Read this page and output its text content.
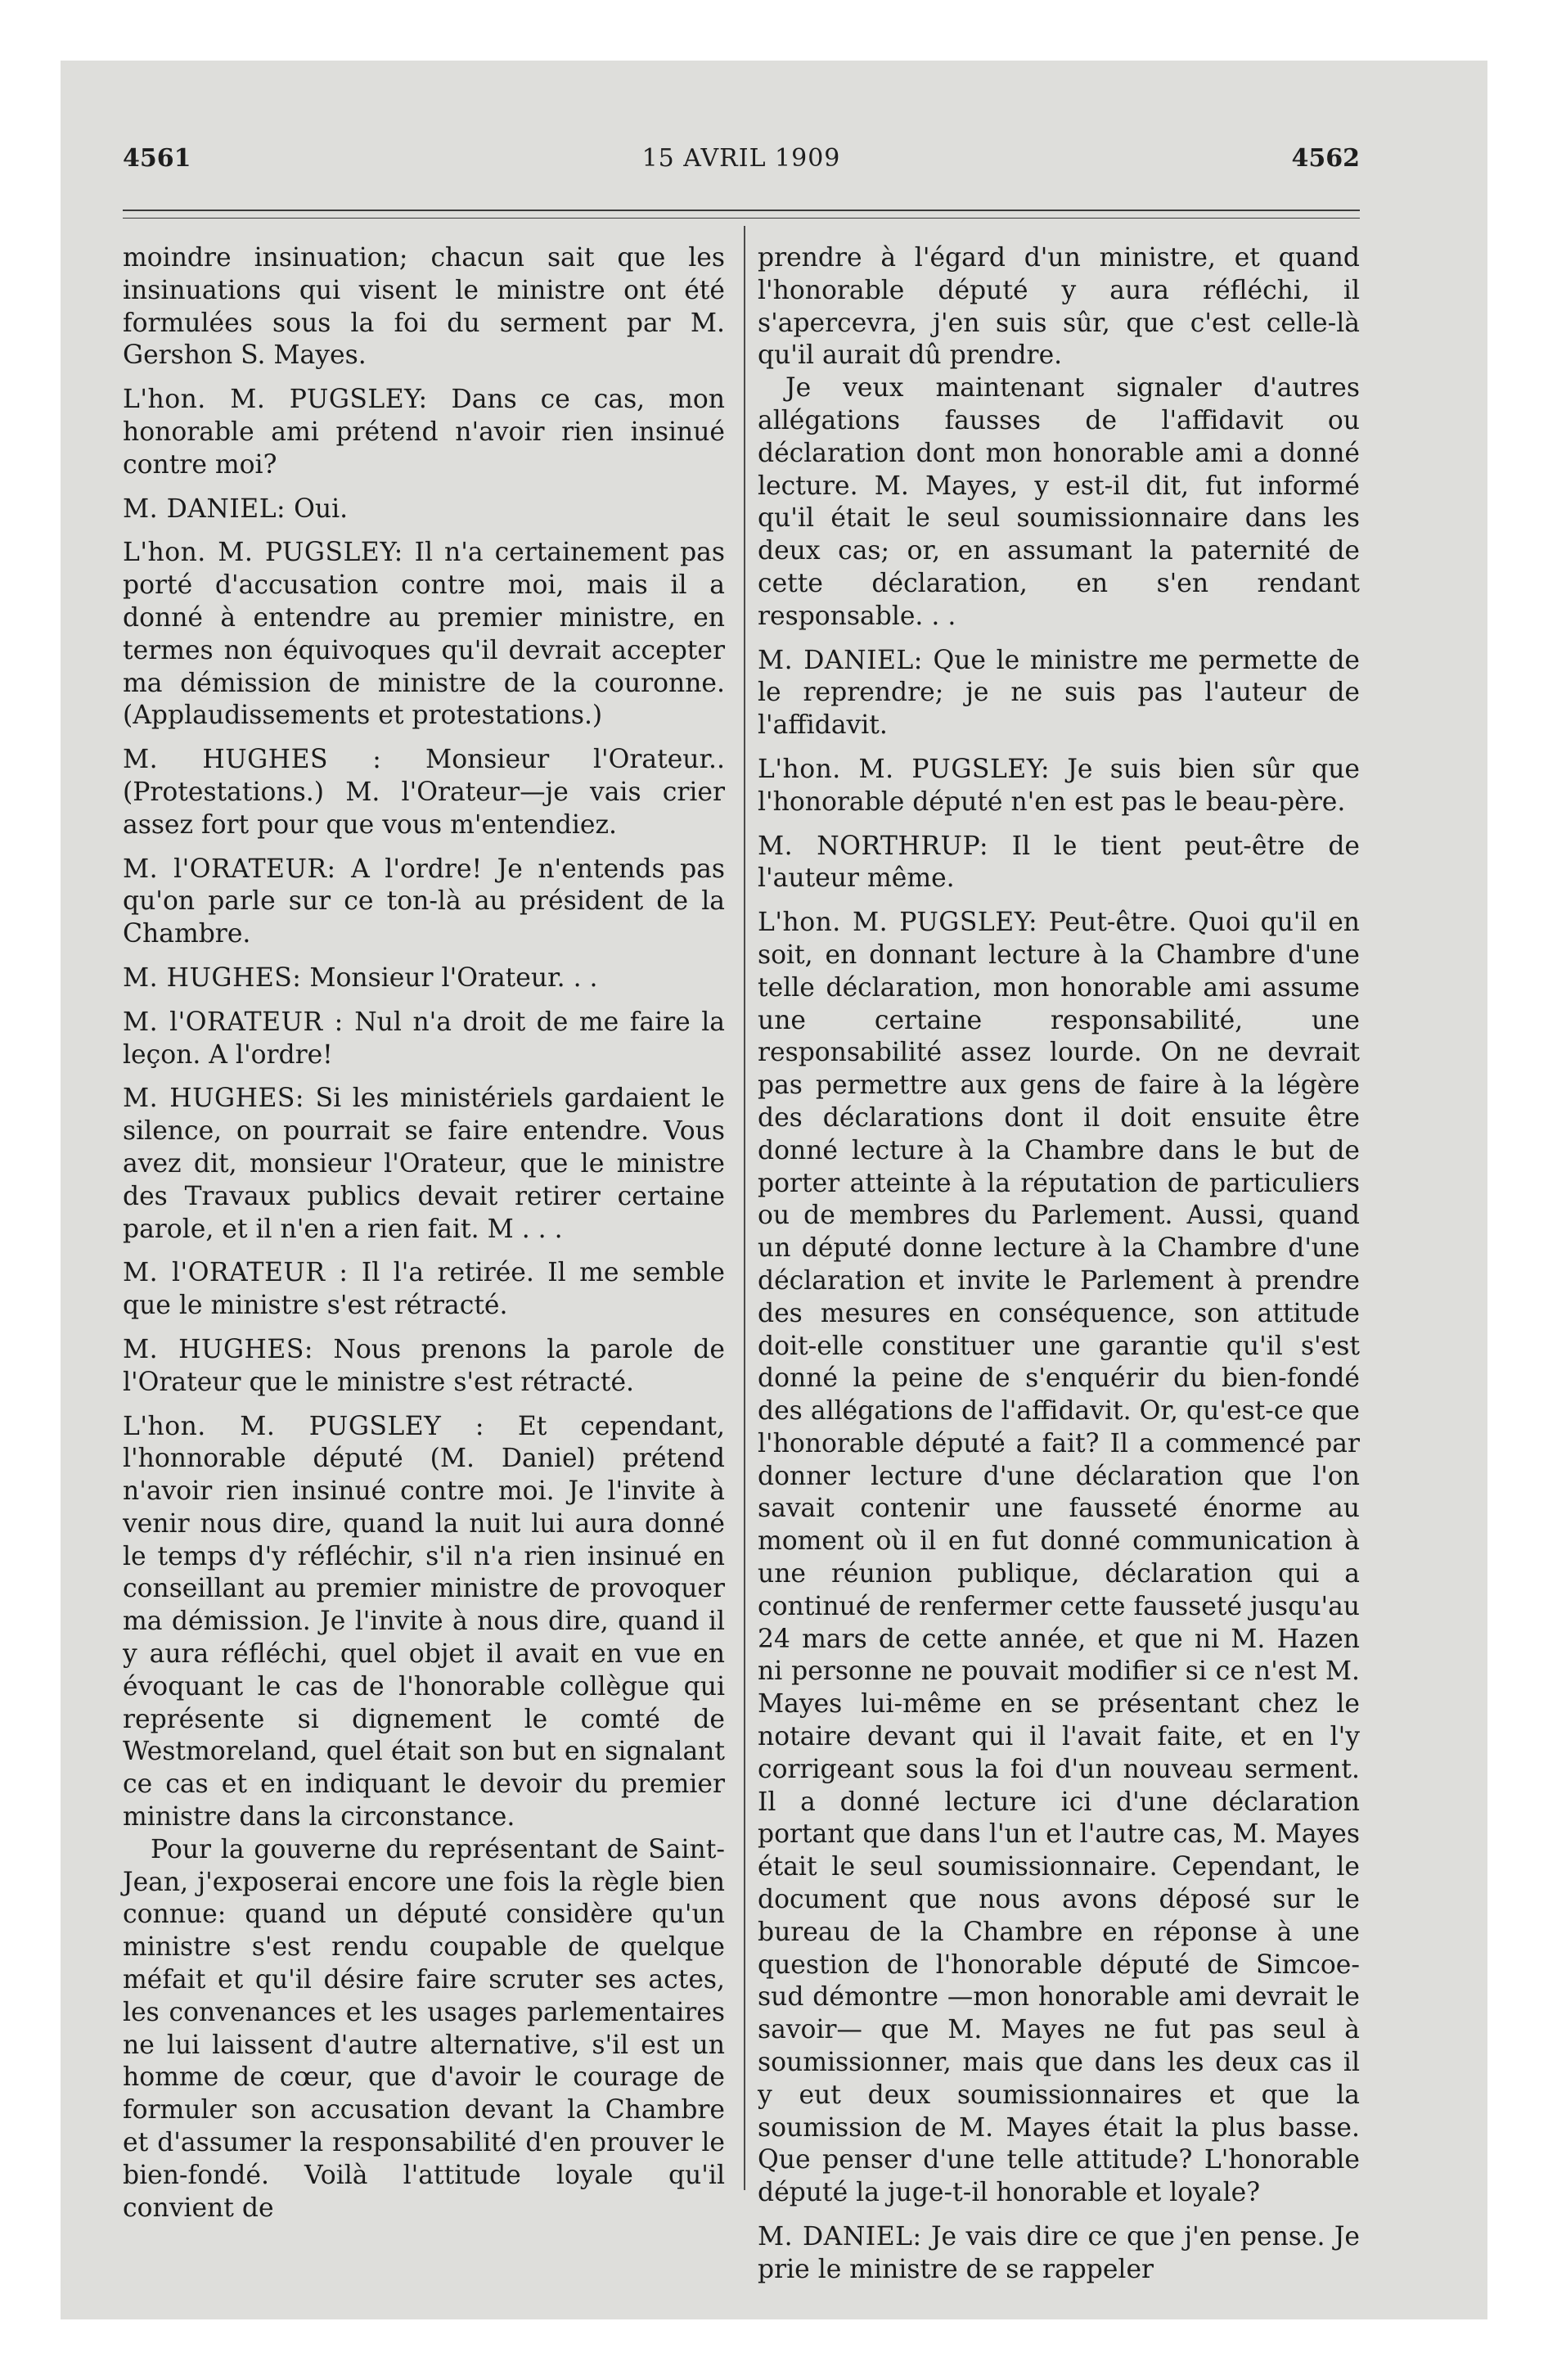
4561	15 AVRIL 1909	4562

moindre insinuation; chacun sait que les insinuations qui visent le ministre ont été formulées sous la foi du serment par M. Gershon S. Mayes.

L'hon. M. PUGSLEY: Dans ce cas, mon honorable ami prétend n'avoir rien insinué contre moi?

M. DANIEL: Oui.

L'hon. M. PUGSLEY: Il n'a certainement pas porté d'accusation contre moi, mais il a donné à entendre au premier ministre, en termes non équivoques qu'il devrait accepter ma démission de ministre de la couronne. (Applaudissements et protestations.)

M. HUGHES : Monsieur l'Orateur.. (Protestations.) M. l'Orateur—je vais crier assez fort pour que vous m'entendiez.

M. l'ORATEUR: A l'ordre! Je n'entends pas qu'on parle sur ce ton-là au président de la Chambre.

M. HUGHES: Monsieur l'Orateur. . .

M. l'ORATEUR : Nul n'a droit de me faire la leçon. A l'ordre!

M. HUGHES: Si les ministériels gardaient le silence, on pourrait se faire entendre. Vous avez dit, monsieur l'Orateur, que le ministre des Travaux publics devait retirer certaine parole, et il n'en a rien fait. M . . .

M. l'ORATEUR : Il l'a retirée. Il me semble que le ministre s'est rétracté.

M. HUGHES: Nous prenons la parole de l'Orateur que le ministre s'est rétracté.

L'hon. M. PUGSLEY : Et cependant, l'honnorable député (M. Daniel) prétend n'avoir rien insinué contre moi. Je l'invite à venir nous dire, quand la nuit lui aura donné le temps d'y réfléchir, s'il n'a rien insinué en conseillant au premier ministre de provoquer ma démission. Je l'invite à nous dire, quand il y aura réfléchi, quel objet il avait en vue en évoquant le cas de l'honorable collègue qui représente si dignement le comté de Westmoreland, quel était son but en signalant ce cas et en indiquant le devoir du premier ministre dans la circonstance.

Pour la gouverne du représentant de Saint-Jean, j'exposerai encore une fois la règle bien connue: quand un député considère qu'un ministre s'est rendu coupable de quelque méfait et qu'il désire faire scruter ses actes, les convenances et les usages parlementaires ne lui laissent d'autre alternative, s'il est un homme de cœur, que d'avoir le courage de formuler son accusation devant la Chambre et d'assumer la responsabilité d'en prouver le bien-fondé. Voilà l'attitude loyale qu'il convient de

prendre à l'égard d'un ministre, et quand l'honorable député y aura réfléchi, il s'apercevra, j'en suis sûr, que c'est celle-là qu'il aurait dû prendre.

Je veux maintenant signaler d'autres allégations fausses de l'affidavit ou déclaration dont mon honorable ami a donné lecture. M. Mayes, y est-il dit, fut informé qu'il était le seul soumissionnaire dans les deux cas; or, en assumant la paternité de cette déclaration, en s'en rendant responsable. . .

M. DANIEL: Que le ministre me permette de le reprendre; je ne suis pas l'auteur de l'affidavit.

L'hon. M. PUGSLEY: Je suis bien sûr que l'honorable député n'en est pas le beau-père.

M. NORTHRUP: Il le tient peut-être de l'auteur même.

L'hon. M. PUGSLEY: Peut-être. Quoi qu'il en soit, en donnant lecture à la Chambre d'une telle déclaration, mon honorable ami assume une certaine responsabilité, une responsabilité assez lourde. On ne devrait pas permettre aux gens de faire à la légère des déclarations dont il doit ensuite être donné lecture à la Chambre dans le but de porter atteinte à la réputation de particuliers ou de membres du Parlement. Aussi, quand un député donne lecture à la Chambre d'une déclaration et invite le Parlement à prendre des mesures en conséquence, son attitude doit-elle constituer une garantie qu'il s'est donné la peine de s'enquérir du bien-fondé des allégations de l'affidavit. Or, qu'est-ce que l'honorable député a fait? Il a commencé par donner lecture d'une déclaration que l'on savait contenir une fausseté énorme au moment où il en fut donné communication à une réunion publique, déclaration qui a continué de renfermer cette fausseté jusqu'au 24 mars de cette année, et que ni M. Hazen ni personne ne pouvait modifier si ce n'est M. Mayes lui-même en se présentant chez le notaire devant qui il l'avait faite, et en l'y corrigeant sous la foi d'un nouveau serment. Il a donné lecture ici d'une déclaration portant que dans l'un et l'autre cas, M. Mayes était le seul soumissionnaire. Cependant, le document que nous avons déposé sur le bureau de la Chambre en réponse à une question de l'honorable député de Simcoe-sud démontre —mon honorable ami devrait le savoir— que M. Mayes ne fut pas seul à soumissionner, mais que dans les deux cas il y eut deux soumissionnaires et que la soumission de M. Mayes était la plus basse. Que penser d'une telle attitude? L'honorable député la juge-t-il honorable et loyale?

M. DANIEL: Je vais dire ce que j'en pense. Je prie le ministre de se rappeler
